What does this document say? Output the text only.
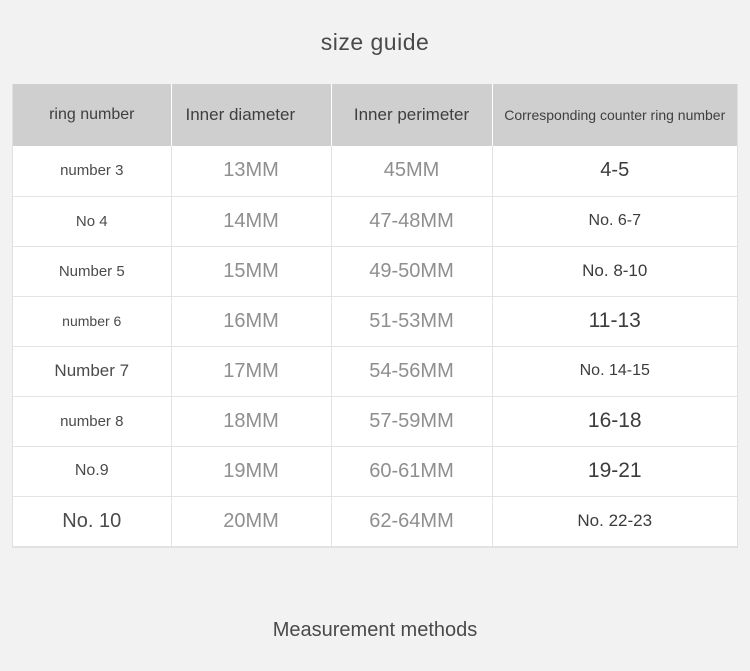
size guide
ring number	Inner diameter	Inner perimeter	Corresponding counter ring number
number 3	13MM	45MM	4-5
No 4	14MM	47-48MM	No. 6-7
Number 5	15MM	49-50MM	No. 8-10
number 6	16MM	51-53MM	11-13
Number 7	17MM	54-56MM	No. 14-15
number 8	18MM	57-59MM	16-18
No.9	19MM	60-61MM	19-21
No. 10	20MM	62-64MM	No. 22-23
Measurement methods
